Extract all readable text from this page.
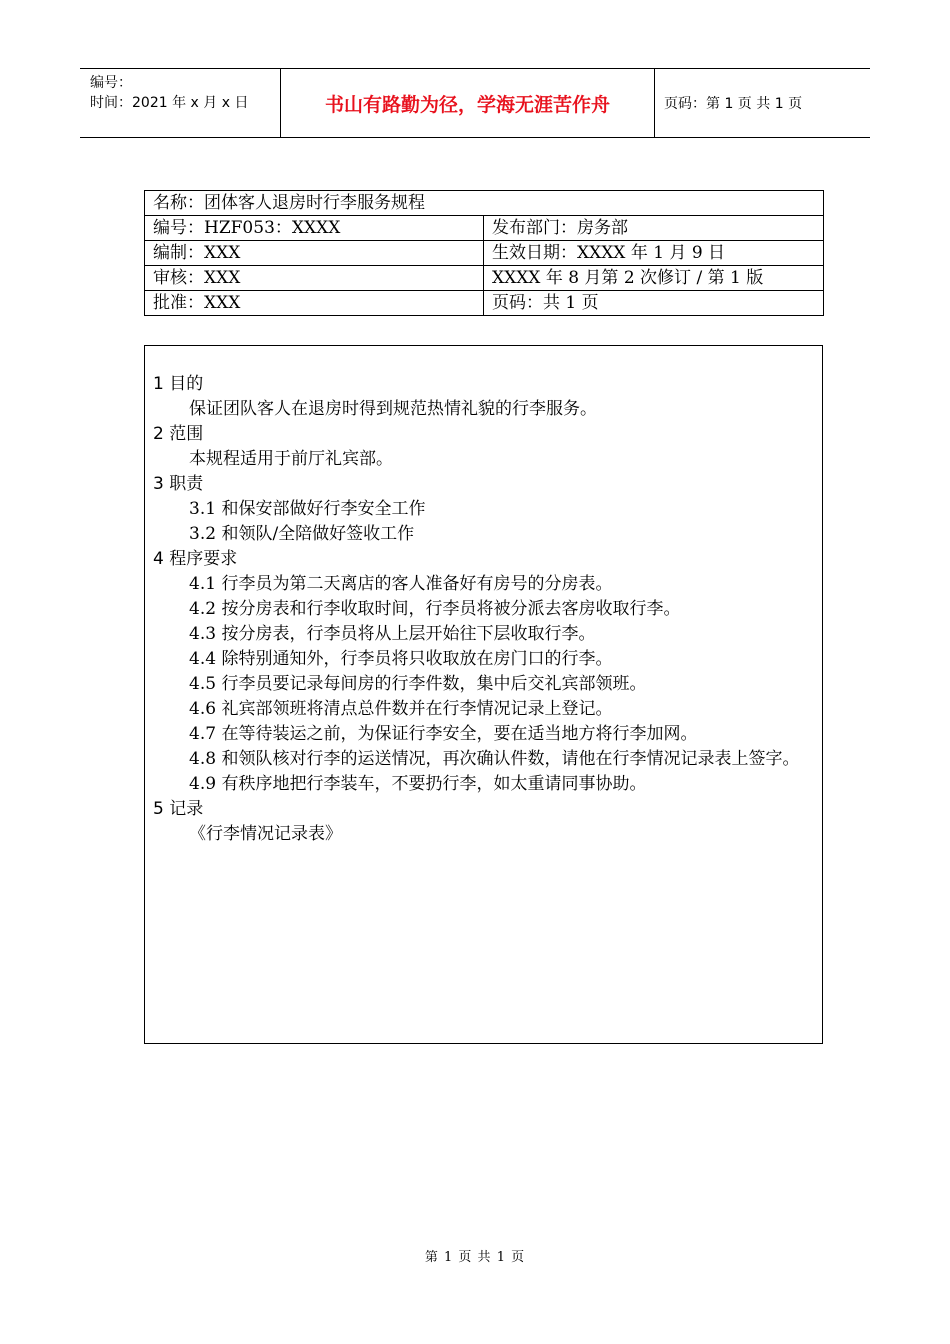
编号：
时间：2021 年 x 月 x 日	书山有路勤为径，学海无涯苦作舟	页码：第 1 页 共 1 页
名称：团体客人退房时行李服务规程	
编号：HZF053：XXXX	发布部门：房务部
编制：XXX	生效日期：XXXX 年 1 月 9 日
审核：XXX	XXXX 年 8 月第 2 次修订 / 第 1 版
批准：XXX	页码：共 1 页

1 目的

保证团队客人在退房时得到规范热情礼貌的行李服务。

2 范围

本规程适用于前厅礼宾部。

3 职责

3.1 和保安部做好行李安全工作

3.2 和领队/全陪做好签收工作

4 程序要求

4.1 行李员为第二天离店的客人准备好有房号的分房表。

4.2 按分房表和行李收取时间，行李员将被分派去客房收取行李。

4.3 按分房表，行李员将从上层开始往下层收取行李。

4.4 除特别通知外，行李员将只收取放在房门口的行李。

4.5 行李员要记录每间房的行李件数，集中后交礼宾部领班。

4.6 礼宾部领班将清点总件数并在行李情况记录上登记。

4.7 在等待装运之前，为保证行李安全，要在适当地方将行李加网。

4.8 和领队核对行李的运送情况，再次确认件数，请他在行李情况记录表上签字。

4.9 有秩序地把行李装车，不要扔行李，如太重请同事协助。

5 记录

《行李情况记录表》

第 1 页 共 1 页
